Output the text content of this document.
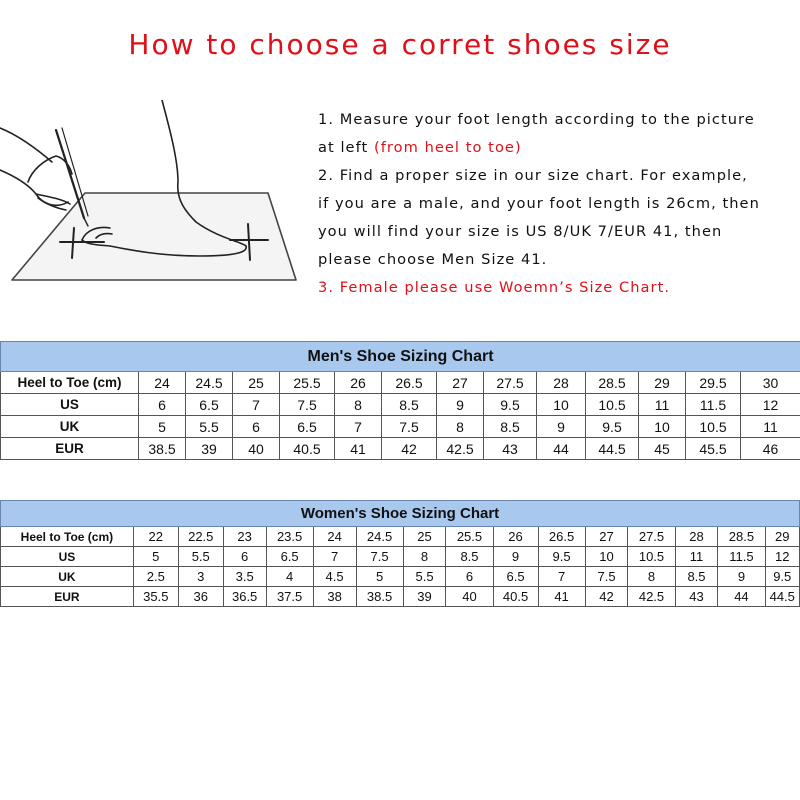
How to choose a corret shoes size
1. Measure your foot length according to the picture
at left (from heel to toe)
2. Find a proper size in our size chart. For example,
if you are a male, and your foot length is 26cm, then
you will find your size is US 8/UK 7/EUR 41, then
please choose Men Size 41.
3. Female please use Woemn’s Size Chart.
Men's Shoe Sizing Chart													
Heel to Toe (cm)	24	24.5	25	25.5	26	26.5	27	27.5	28	28.5	29	29.5	30
US	6	6.5	7	7.5	8	8.5	9	9.5	10	10.5	11	11.5	12
UK	5	5.5	6	6.5	7	7.5	8	8.5	9	9.5	10	10.5	11
EUR	38.5	39	40	40.5	41	42	42.5	43	44	44.5	45	45.5	46
Women's Shoe Sizing Chart															
Heel to Toe (cm)	22	22.5	23	23.5	24	24.5	25	25.5	26	26.5	27	27.5	28	28.5	29
US	5	5.5	6	6.5	7	7.5	8	8.5	9	9.5	10	10.5	11	11.5	12
UK	2.5	3	3.5	4	4.5	5	5.5	6	6.5	7	7.5	8	8.5	9	9.5
EUR	35.5	36	36.5	37.5	38	38.5	39	40	40.5	41	42	42.5	43	44	44.5
